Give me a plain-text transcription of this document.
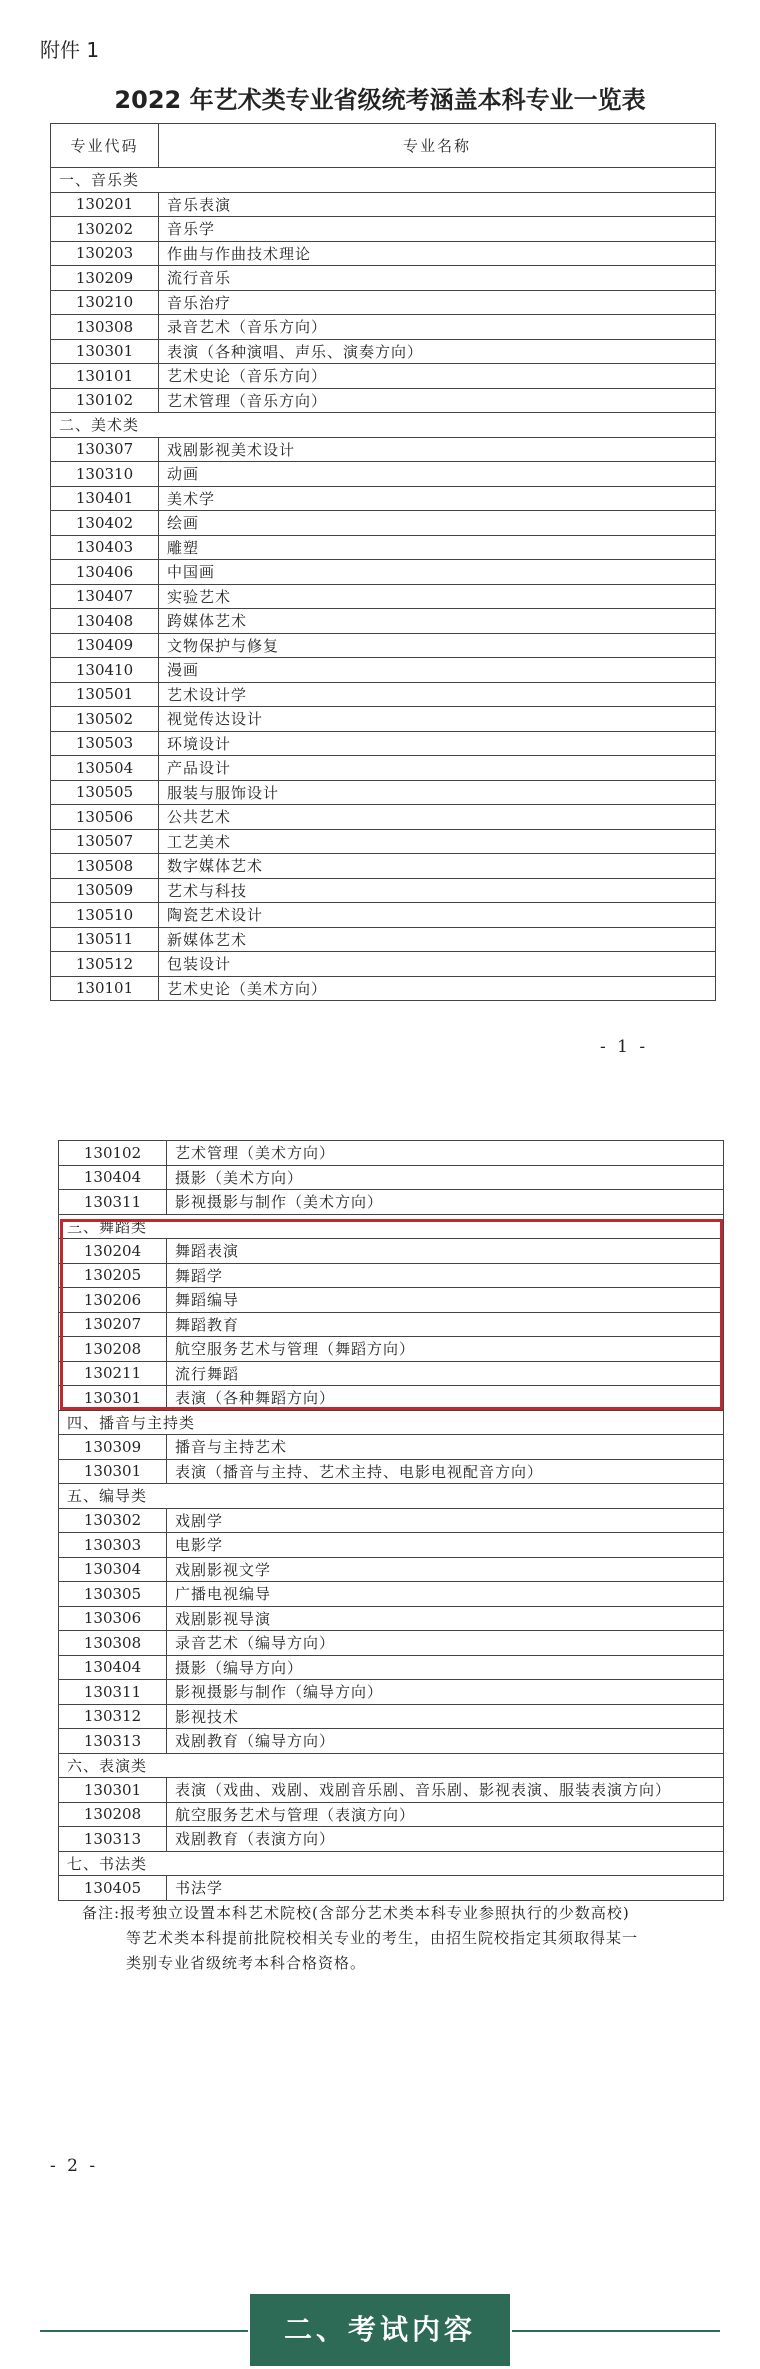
附件 1
2022 年艺术类专业省级统考涵盖本科专业一览表
专业代码	专业名称
一、音乐类	
130201	音乐表演
130202	音乐学
130203	作曲与作曲技术理论
130209	流行音乐
130210	音乐治疗
130308	录音艺术（音乐方向）
130301	表演（各种演唱、声乐、演奏方向）
130101	艺术史论（音乐方向）
130102	艺术管理（音乐方向）
二、美术类	
130307	戏剧影视美术设计
130310	动画
130401	美术学
130402	绘画
130403	雕塑
130406	中国画
130407	实验艺术
130408	跨媒体艺术
130409	文物保护与修复
130410	漫画
130501	艺术设计学
130502	视觉传达设计
130503	环境设计
130504	产品设计
130505	服装与服饰设计
130506	公共艺术
130507	工艺美术
130508	数字媒体艺术
130509	艺术与科技
130510	陶瓷艺术设计
130511	新媒体艺术
130512	包装设计
130101	艺术史论（美术方向）
- 1 -
130102	艺术管理（美术方向）
130404	摄影（美术方向）
130311	影视摄影与制作（美术方向）
三、舞蹈类	
130204	舞蹈表演
130205	舞蹈学
130206	舞蹈编导
130207	舞蹈教育
130208	航空服务艺术与管理（舞蹈方向）
130211	流行舞蹈
130301	表演（各种舞蹈方向）
四、播音与主持类	
130309	播音与主持艺术
130301	表演（播音与主持、艺术主持、电影电视配音方向）
五、编导类	
130302	戏剧学
130303	电影学
130304	戏剧影视文学
130305	广播电视编导
130306	戏剧影视导演
130308	录音艺术（编导方向）
130404	摄影（编导方向）
130311	影视摄影与制作（编导方向）
130312	影视技术
130313	戏剧教育（编导方向）
六、表演类	
130301	表演（戏曲、戏剧、戏剧音乐剧、音乐剧、影视表演、服装表演方向）
130208	航空服务艺术与管理（表演方向）
130313	戏剧教育（表演方向）
七、书法类	
130405	书法学
备注:报考独立设置本科艺术院校(含部分艺术类本科专业参照执行的少数高校)
等艺术类本科提前批院校相关专业的考生，由招生院校指定其须取得某一
类别专业省级统考本科合格资格。
- 2 -
二、考试内容
